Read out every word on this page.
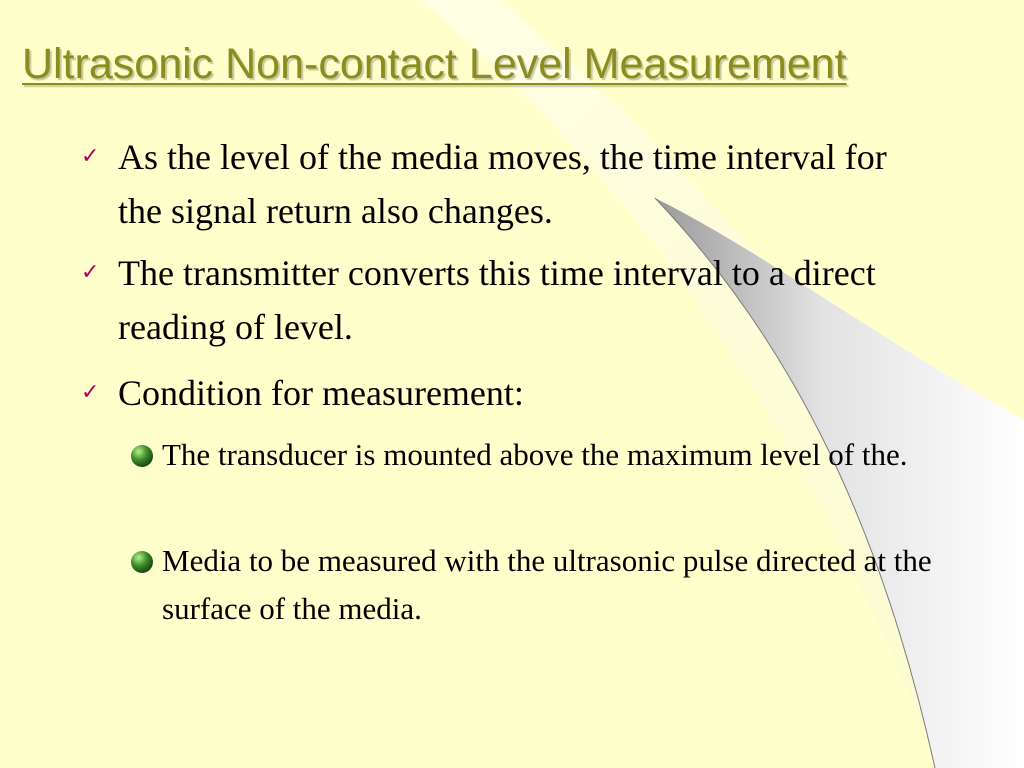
Ultrasonic Non-contact Level Measurement
✓ As the level of the media moves, the time interval for the signal return also changes.
✓ The transmitter converts this time interval to a direct reading of level.
✓ Condition for measurement:
The transducer is mounted above the maximum level of the.
Media to be measured with the ultrasonic pulse directed at the surface of the media.
